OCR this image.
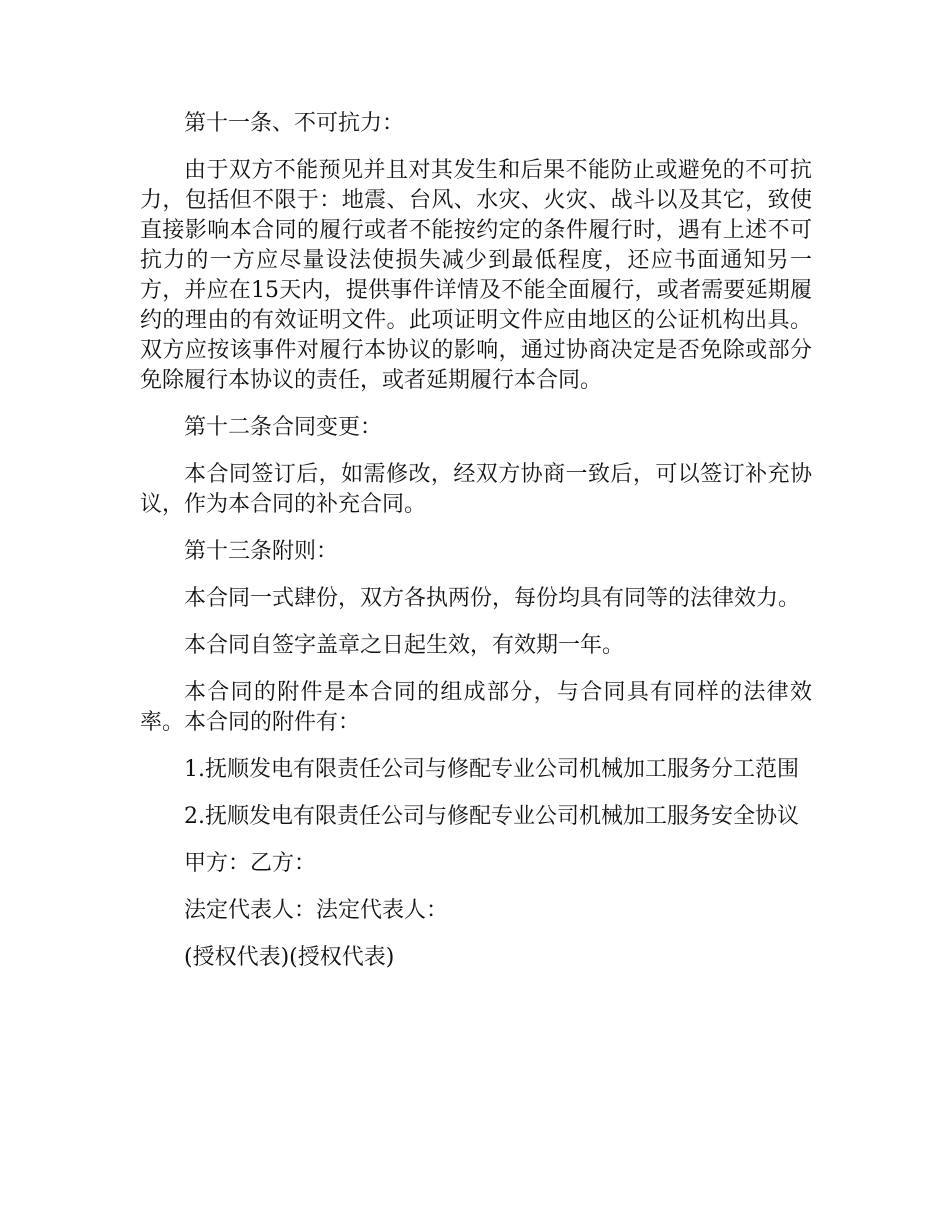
第十一条、不可抗力：

由于双方不能预见并且对其发生和后果不能防止或避免的不可抗力，包括但不限于：地震、台风、水灾、火灾、战斗以及其它，致使直接影响本合同的履行或者不能按约定的条件履行时，遇有上述不可抗力的一方应尽量设法使损失减少到最低程度，还应书面通知另一方，并应在15天内，提供事件详情及不能全面履行，或者需要延期履约的理由的有效证明文件。此项证明文件应由地区的公证机构出具。双方应按该事件对履行本协议的影响，通过协商决定是否免除或部分免除履行本协议的责任，或者延期履行本合同。

第十二条合同变更：

本合同签订后，如需修改，经双方协商一致后，可以签订补充协议，作为本合同的补充合同。

第十三条附则：

本合同一式肆份，双方各执两份，每份均具有同等的法律效力。

本合同自签字盖章之日起生效，有效期一年。

本合同的附件是本合同的组成部分，与合同具有同样的法律效率。本合同的附件有：

1.抚顺发电有限责任公司与修配专业公司机械加工服务分工范围

2.抚顺发电有限责任公司与修配专业公司机械加工服务安全协议

甲方：乙方：

法定代表人：法定代表人：

(授权代表)(授权代表)
